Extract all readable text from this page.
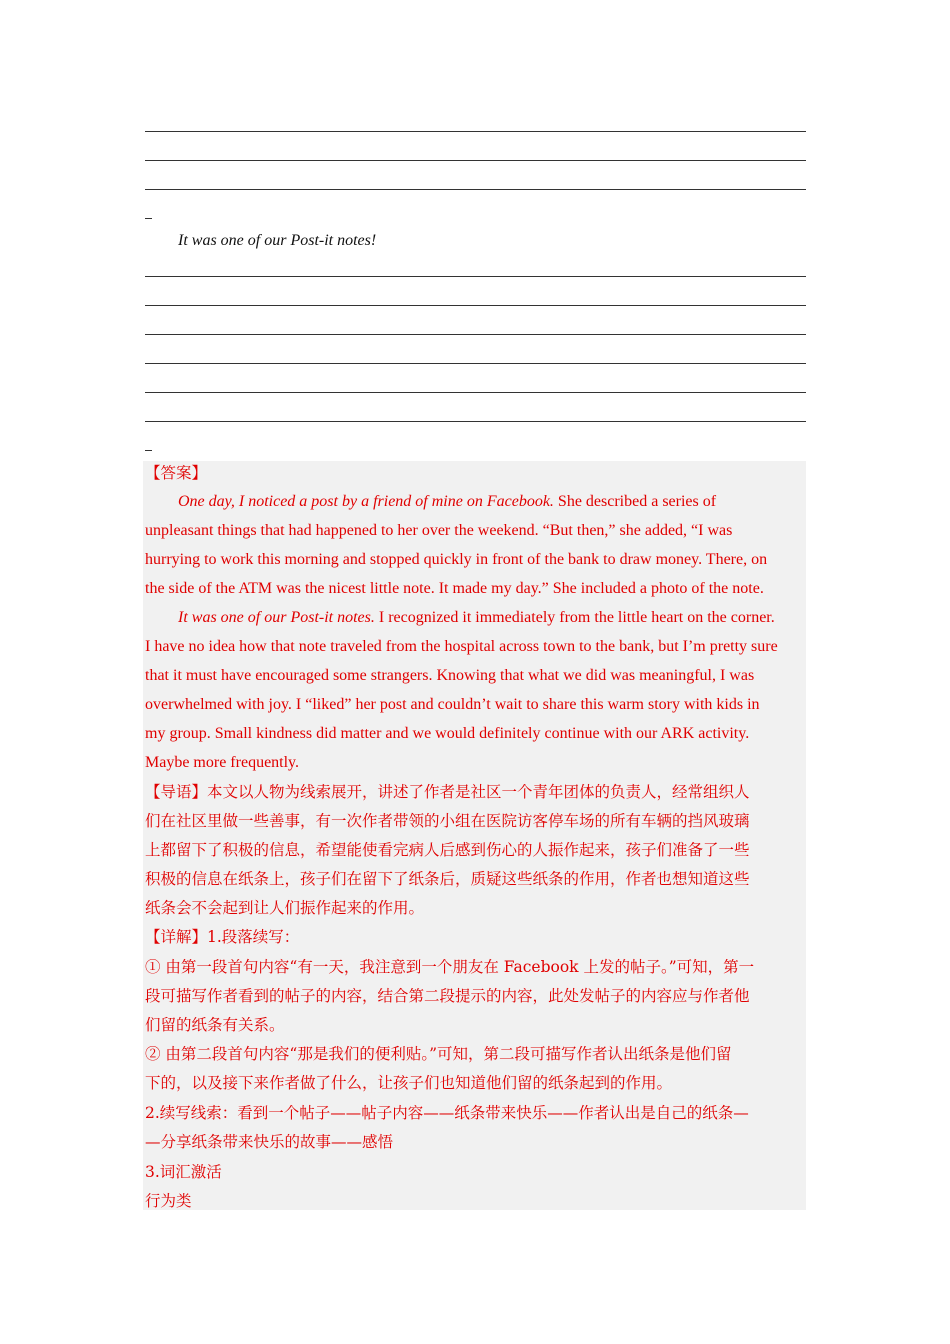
It was one of our Post-it notes!
【答案】
One day, I noticed a post by a friend of mine on Facebook. She described a series of
unpleasant things that had happened to her over the weekend. “But then,” she added, “I was
hurrying to work this morning and stopped quickly in front of the bank to draw money. There, on
the side of the ATM was the nicest little note. It made my day.” She included a photo of the note.
It was one of our Post-it notes. I recognized it immediately from the little heart on the corner.
I have no idea how that note traveled from the hospital across town to the bank, but I’m pretty sure
that it must have encouraged some strangers. Knowing that what we did was meaningful, I was
overwhelmed with joy. I “liked” her post and couldn’t wait to share this warm story with kids in
my group. Small kindness did matter and we would definitely continue with our ARK activity.
Maybe more frequently.
【导语】本文以人物为线索展开，讲述了作者是社区一个青年团体的负责人，经常组织人
们在社区里做一些善事，有一次作者带领的小组在医院访客停车场的所有车辆的挡风玻璃
上都留下了积极的信息，希望能使看完病人后感到伤心的人振作起来，孩子们准备了一些
积极的信息在纸条上，孩子们在留下了纸条后，质疑这些纸条的作用，作者也想知道这些
纸条会不会起到让人们振作起来的作用。
【详解】1.段落续写：
① 由第一段首句内容“有一天，我注意到一个朋友在 Facebook 上发的帖子。”可知，第一
段可描写作者看到的帖子的内容，结合第二段提示的内容，此处发帖子的内容应与作者他
们留的纸条有关系。
② 由第二段首句内容“那是我们的便利贴。”可知，第二段可描写作者认出纸条是他们留
下的，以及接下来作者做了什么，让孩子们也知道他们留的纸条起到的作用。
2.续写线索：看到一个帖子——帖子内容——纸条带来快乐——作者认出是自己的纸条—
—分享纸条带来快乐的故事——感悟
3.词汇激活
行为类
